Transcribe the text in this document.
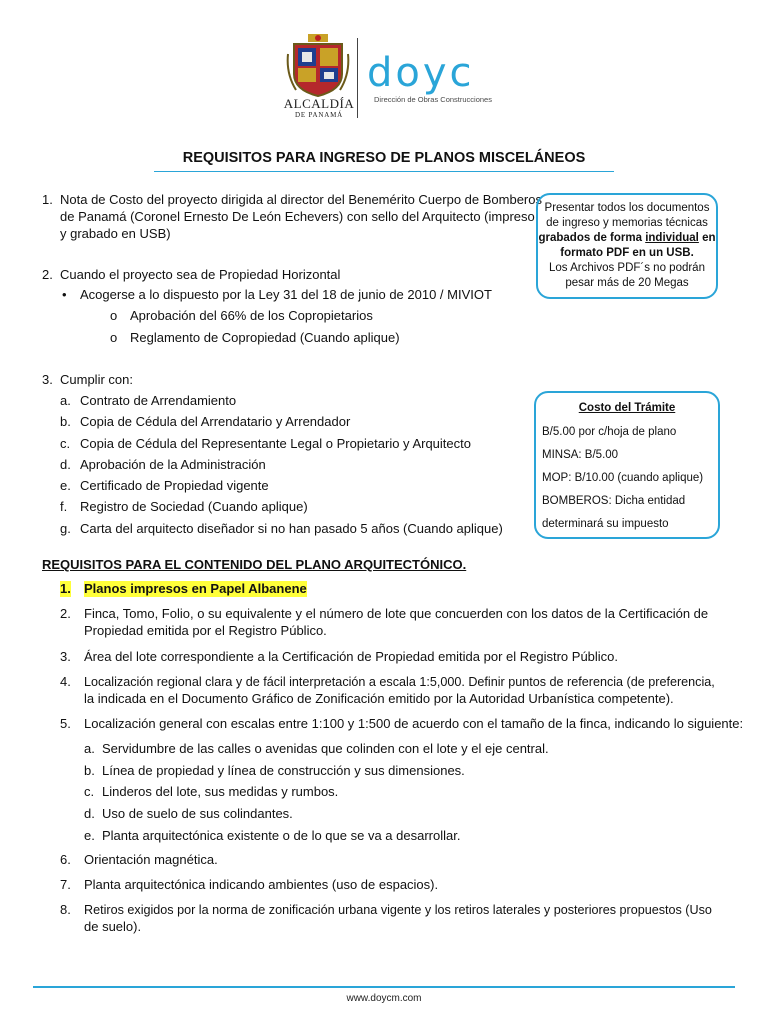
ALCALDÍA
DE PANAMÁ
doyc
Dirección de Obras Construcciones
REQUISITOS PARA INGRESO DE PLANOS MISCELÁNEOS
1. Nota de Costo del proyecto dirigida al director del Benemérito Cuerpo de Bomberos
de Panamá (Coronel Ernesto De León Echevers) con sello del Arquitecto (impreso
y grabado en USB)
2. Cuando el proyecto sea de Propiedad Horizontal
• Acogerse a lo dispuesto por la Ley 31 del 18 de junio de 2010 / MIVIOT
o Aprobación del 66% de los Copropietarios
o Reglamento de Copropiedad (Cuando aplique)
Presentar todos los documentos
de ingreso y memorias técnicas
grabados de forma individual en
formato PDF en un USB.
Los Archivos PDF´s no podrán
pesar más de 20 Megas
3. Cumplir con:
a. Contrato de Arrendamiento
b. Copia de Cédula del Arrendatario y Arrendador
c. Copia de Cédula del Representante Legal o Propietario y Arquitecto
d. Aprobación de la Administración
e. Certificado de Propiedad vigente
f. Registro de Sociedad (Cuando aplique)
g. Carta del arquitecto diseñador si no han pasado 5 años (Cuando aplique)
Costo del Trámite
B/5.00 por c/hoja de plano
MINSA: B/5.00
MOP: B/10.00 (cuando aplique)
BOMBEROS: Dicha entidad
determinará su impuesto
REQUISITOS PARA EL CONTENIDO DEL PLANO ARQUITECTÓNICO.
1. Planos impresos en Papel Albanene
2. Finca, Tomo, Folio, o su equivalente y el número de lote que concuerden con los datos de la Certificación de
Propiedad emitida por el Registro Público.
3. Área del lote correspondiente a la Certificación de Propiedad emitida por el Registro Público.
4. Localización regional clara y de fácil interpretación a escala 1:5,000. Definir puntos de referencia (de preferencia,
la indicada en el Documento Gráfico de Zonificación emitido por la Autoridad Urbanística competente).
5. Localización general con escalas entre 1:100 y 1:500 de acuerdo con el tamaño de la finca, indicando lo siguiente:
a. Servidumbre de las calles o avenidas que colinden con el lote y el eje central.
b. Línea de propiedad y línea de construcción y sus dimensiones.
c. Linderos del lote, sus medidas y rumbos.
d. Uso de suelo de sus colindantes.
e. Planta arquitectónica existente o de lo que se va a desarrollar.
6. Orientación magnética.
7. Planta arquitectónica indicando ambientes (uso de espacios).
8. Retiros exigidos por la norma de zonificación urbana vigente y los retiros laterales y posteriores propuestos (Uso
de suelo).
www.doycm.com
